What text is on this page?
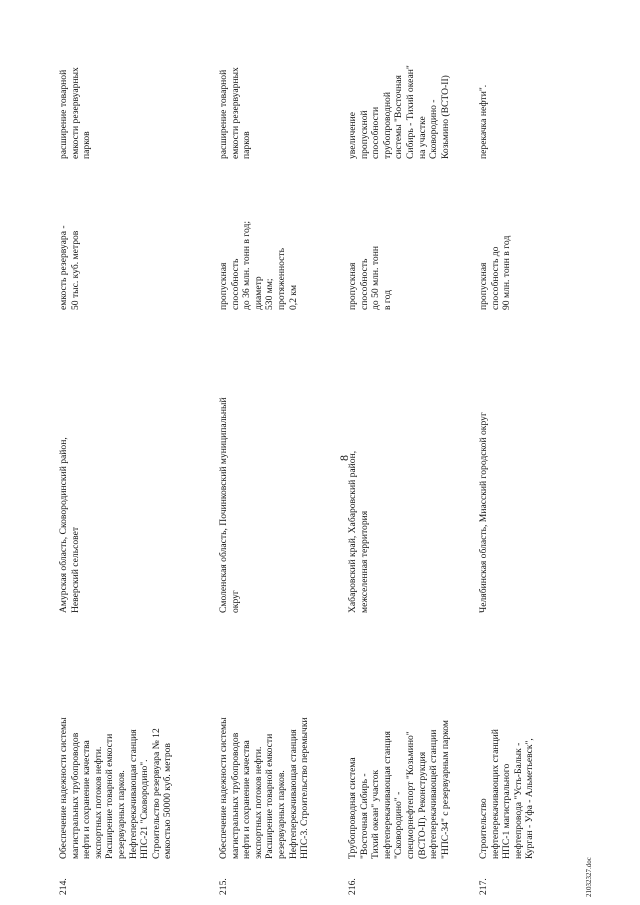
8
214.
Обеспечение надежности системы
магистральных трубопроводов
нефти и сохранение качества
экспортных потоков нефти.
Расширение товарной емкости
резервуарных парков.
Нефтеперекачивающая станция
НПС-21 "Сковородино".
Строительство резервуара № 12
емкостью 50000 куб. метров
Амурская область, Сковородинский район,
Неверский сельсовет
емкость резервуара -
50 тыс. куб. метров
расширение товарной
емкости резервуарных
парков
215.
Обеспечение надежности системы
магистральных трубопроводов
нефти и сохранение качества
экспортных потоков нефти.
Расширение товарной емкости
резервуарных парков.
Нефтеперекачивающая станция
НПС-3. Строительство перемычки
Смоленская область, Починковский муниципальный
округ
пропускная
способность
до 36 млн. тонн в год;
диаметр
530 мм;
протяженность
0,2 км
расширение товарной
емкости резервуарных
парков
216.
Трубопроводная система
"Восточная Сибирь -
Тихий океан" участок
нефтеперекачивающая станция
"Сковородино" -
спецморнефтепорт "Козьмино"
(ВСТО-II). Реконструкция
нефтеперекачивающей станции
"НПС-34" с резервуарным парком
Хабаровский край, Хабаровский район,
межселенная территория
пропускная
способность
до 50 млн. тонн
в год
увеличение
пропускной
способности
трубопроводной
системы "Восточная
Сибирь - Тихий океан"
на участке
Сковородино -
Козьмино (ВСТО-II)
217.
Строительство
нефтеперекачивающих станций
НПС-1 магистрального
нефтепровода "Усть-Балык -
Курган - Уфа - Альметьевск",
Челябинская область, Миасский городской округ
пропускная
способность до
90 млн. тонн в год
перекачка нефти".
21032327.doc
